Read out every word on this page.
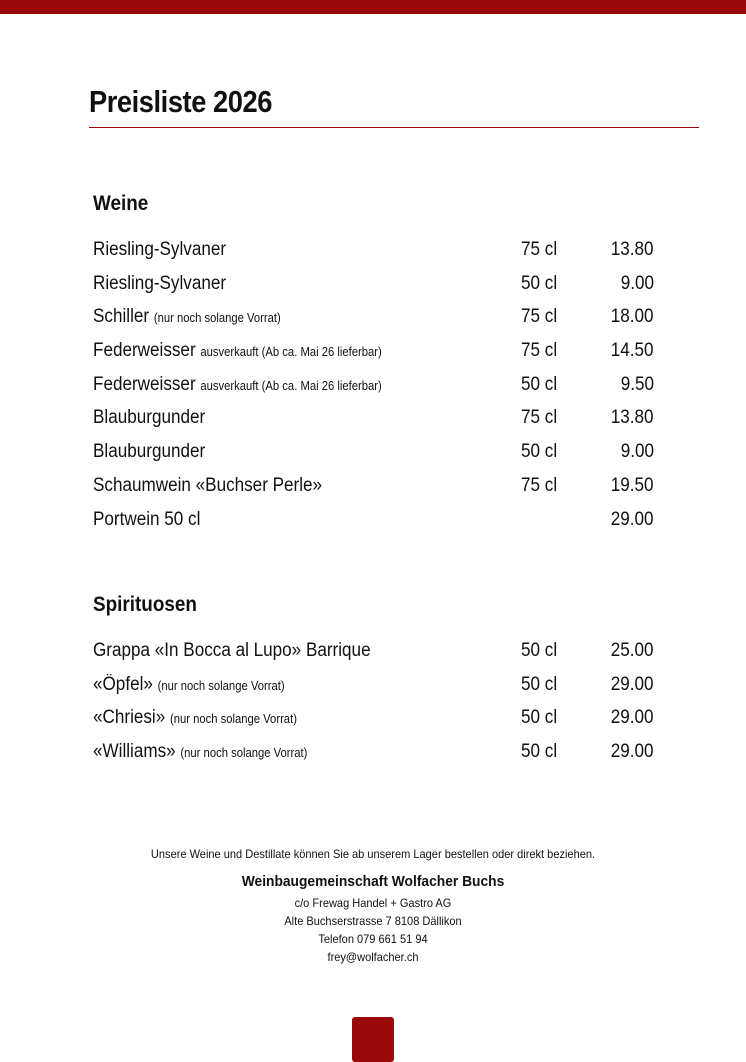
Preisliste 2026
Weine
Riesling-Sylvaner	75 cl	13.80
Riesling-Sylvaner	50 cl	9.00
Schiller (nur noch solange Vorrat)	75 cl	18.00
Federweisser ausverkauft (Ab ca. Mai 26 lieferbar)	75 cl	14.50
Federweisser ausverkauft (Ab ca. Mai 26 lieferbar)	50 cl	9.50
Blauburgunder	75 cl	13.80
Blauburgunder	50 cl	9.00
Schaumwein «Buchser Perle»	75 cl	19.50
Portwein 50 cl	29.00
Spirituosen
Grappa «In Bocca al Lupo» Barrique	50 cl	25.00
«Öpfel» (nur noch solange Vorrat)	50 cl	29.00
«Chriesi» (nur noch solange Vorrat)	50 cl	29.00
«Williams» (nur noch solange Vorrat)	50 cl	29.00
Unsere Weine und Destillate können Sie ab unserem Lager bestellen oder direkt beziehen.
Weinbaugemeinschaft Wolfacher Buchs
c/o Frewag Handel + Gastro AG
Alte Buchserstrasse 7 8108 Dällikon
Telefon 079 661 51 94
frey@wolfacher.ch
